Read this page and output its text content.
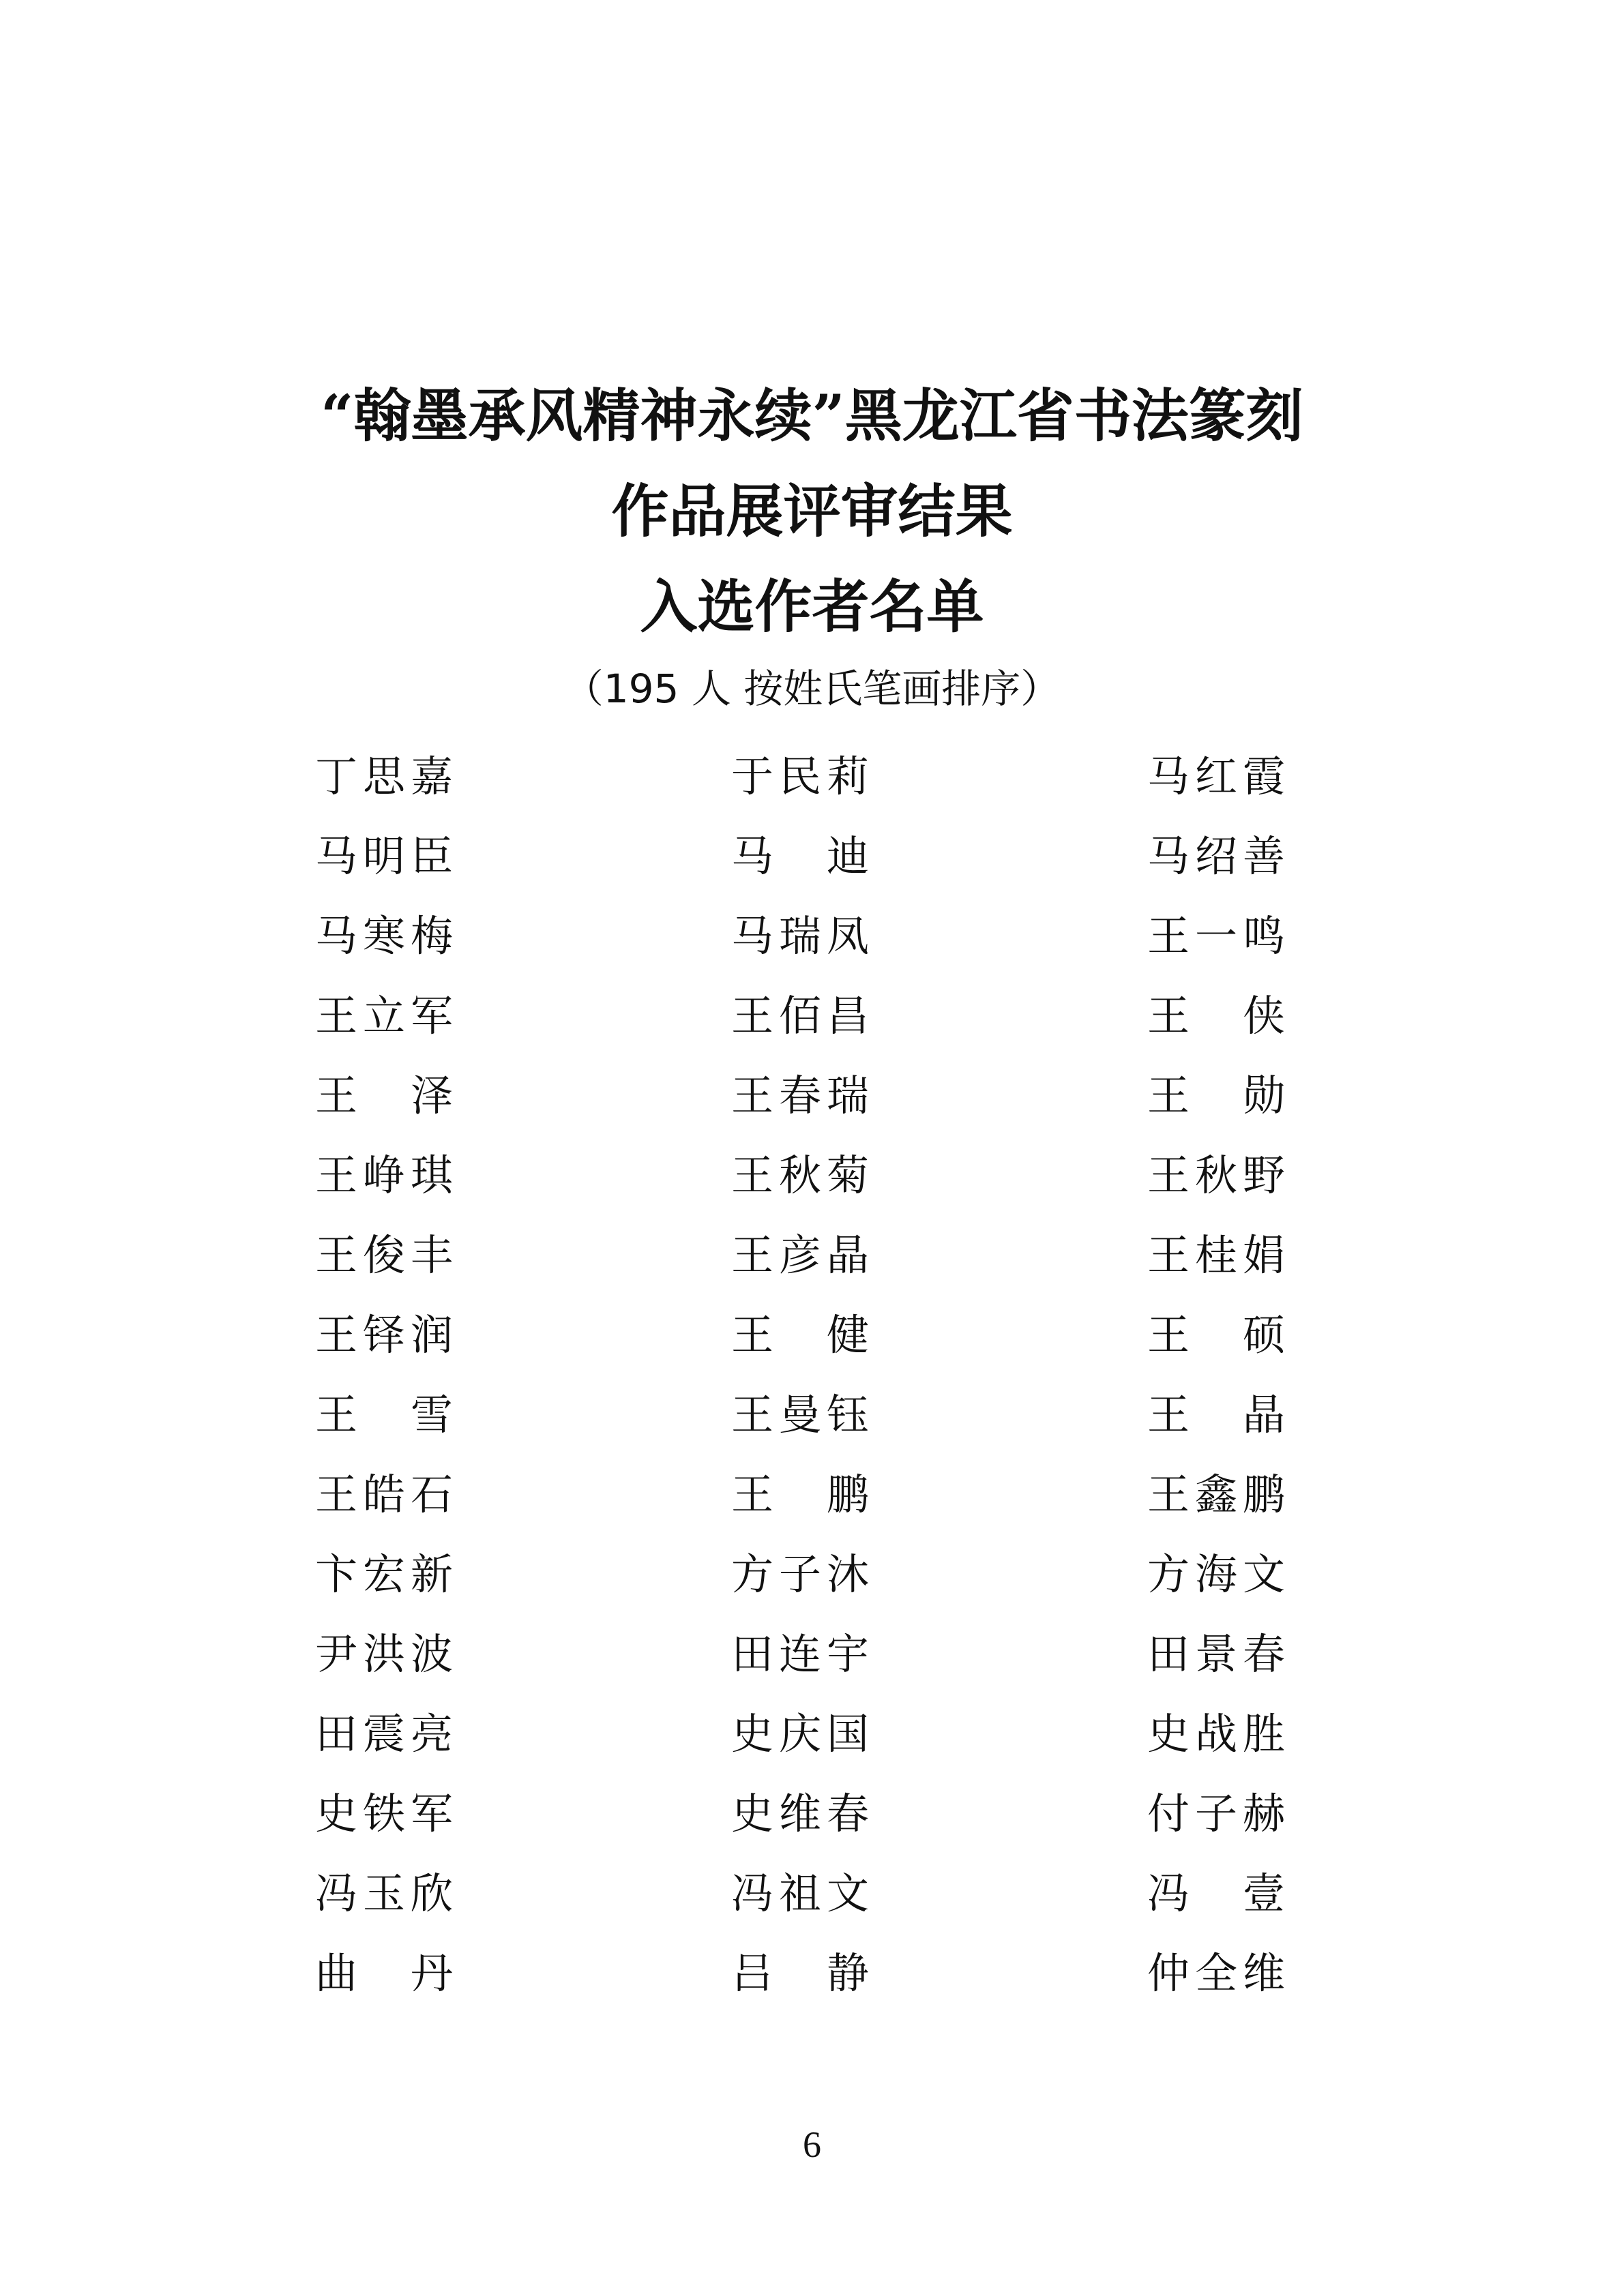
“翰墨承风精神永续”黑龙江省书法篆刻
作品展评审结果
入选作者名单
（195 人 按姓氏笔画排序）
丁思嘉	于民莉	马红霞
马明臣	马　迪	马绍善
马寒梅	马瑞凤	王一鸣
王立军	王佰昌	王　侠
王　泽	王春瑞	王　勋
王峥琪	王秋菊	王秋野
王俊丰	王彦晶	王桂娟
王铎润	王　健	王　硕
王　雪	王曼钰	王　晶
王皓石	王　鹏	王鑫鹏
卞宏新	方子沐	方海文
尹洪波	田连宇	田景春
田震亮	史庆国	史战胜
史铁军	史维春	付子赫
冯玉欣	冯祖文	冯　壹
曲　丹	吕　静	仲全维
6
